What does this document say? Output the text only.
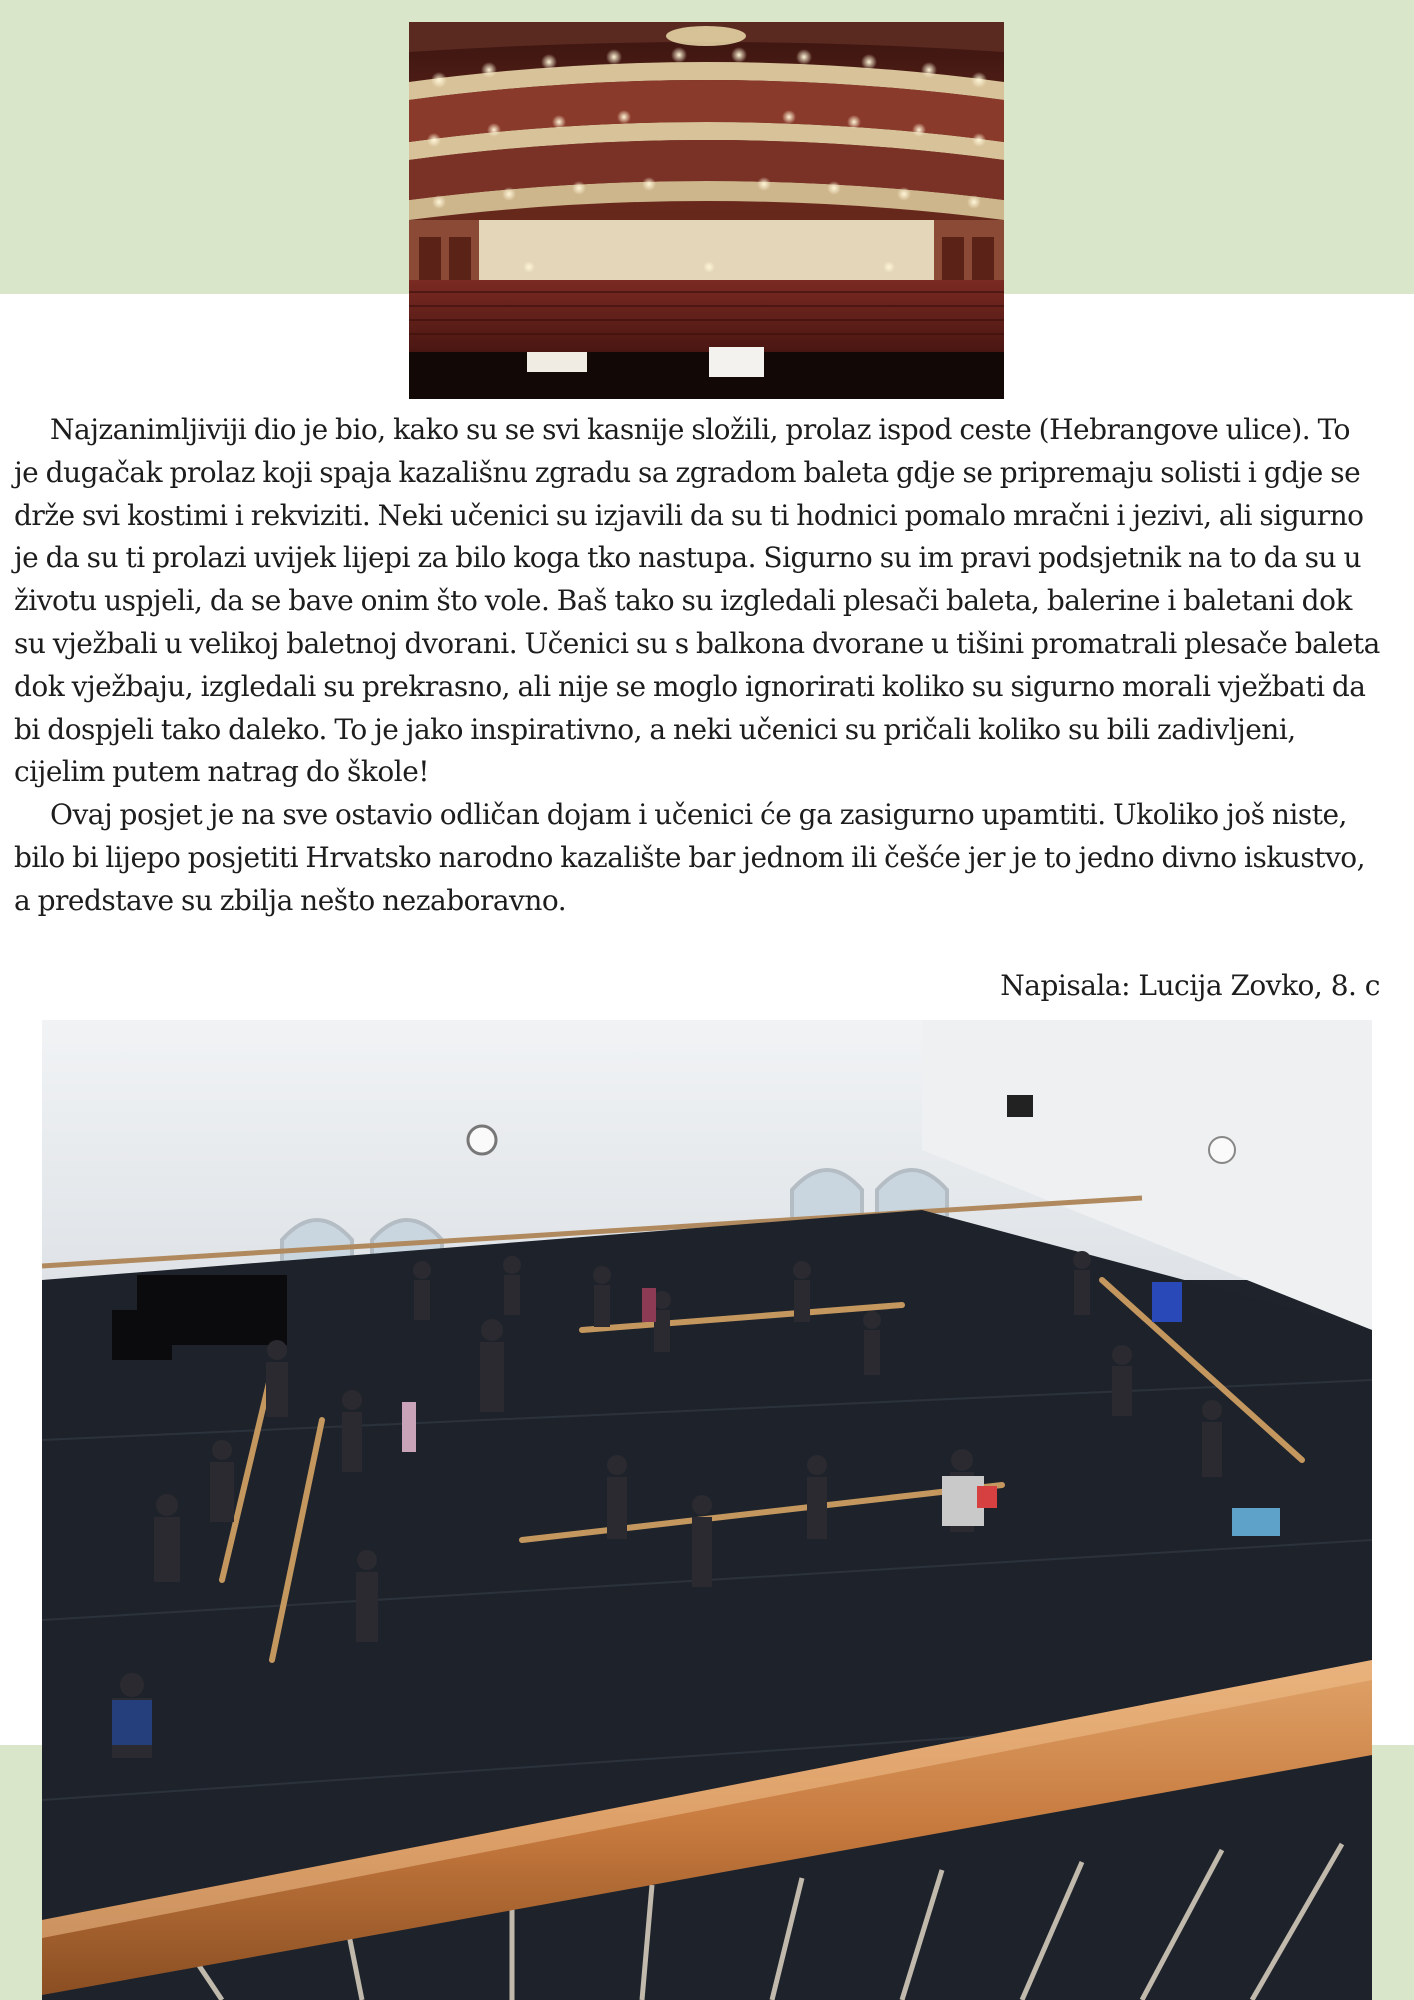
Najzanimljiviji dio je bio, kako su se svi kasnije složili, prolaz ispod ceste (Hebrangove ulice). To je dugačak prolaz koji spaja kazališnu zgradu sa zgradom baleta gdje se pripremaju solisti i gdje se drže svi kostimi i rekviziti. Neki učenici su izjavili da su ti hodnici pomalo mračni i jezivi, ali sigurno je da su ti prolazi uvijek lijepi za bilo koga tko nastupa. Sigurno su im pravi podsjetnik na to da su u životu uspjeli, da se bave onim što vole. Baš tako su izgledali plesači baleta, balerine i baletani dok su vježbali u velikoj baletnoj dvorani. Učenici su s balkona dvorane u tišini promatrali plesače baleta dok vježbaju, izgledali su prekrasno, ali nije se moglo ignorirati koliko su sigurno morali vježbati da bi dospjeli tako daleko. To je jako inspirativno, a neki učenici su pričali koliko su bili zadivljeni, cijelim putem natrag do škole!

Ovaj posjet je na sve ostavio odličan dojam i učenici će ga zasigurno upamtiti. Ukoliko još niste, bilo bi lijepo posjetiti Hrvatsko narodno kazalište bar jednom ili češće jer je to jedno divno iskustvo, a predstave su zbilja nešto nezaboravno.

Napisala: Lucija Zovko, 8. c
